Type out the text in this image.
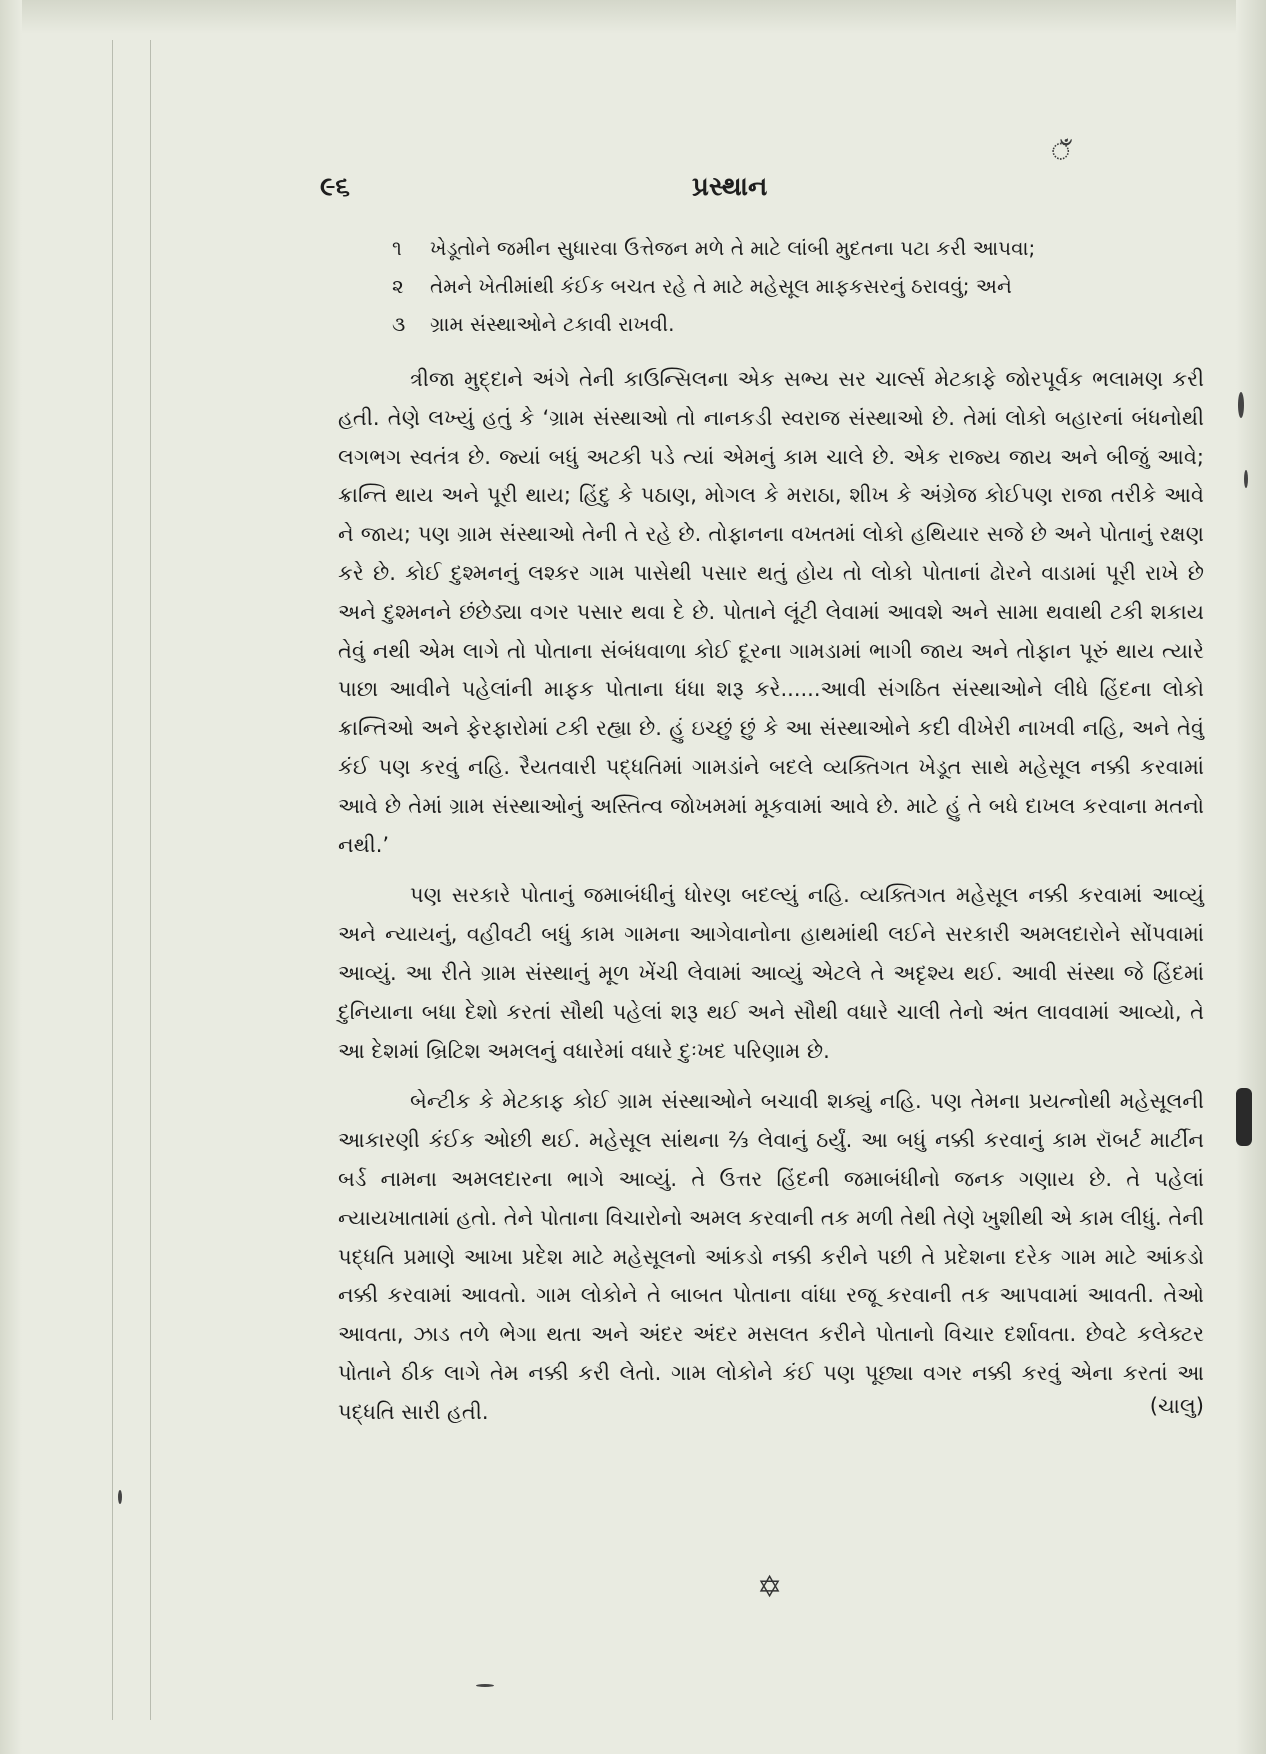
ઁ
૯૬	પ્રસ્થાન
૧	ખેડૂતોને જમીન સુધારવા ઉત્તેજન મળે તે માટે લાંબી મુદતના પટા કરી આપવા;
૨	તેમને ખેતીમાંથી કંઈક બચત રહે તે માટે મહેસૂલ માફકસરનું ઠરાવવું; અને
૩	ગ્રામ સંસ્થાઓને ટકાવી રાખવી.

ત્રીજા મુદ્દાને અંગે તેની કાઉન્સિલના એક સભ્ય સર ચાર્લ્સ મેટકાફે જોરપૂર્વક ભલામણ કરી હતી. તેણે લખ્યું હતું કે ‘ગ્રામ સંસ્થાઓ તો નાનકડી સ્વરાજ સંસ્થાઓ છે. તેમાં લોકો બહારનાં બંધનોથી લગભગ સ્વતંત્ર છે. જ્યાં બધું અટકી પડે ત્યાં એમનું કામ ચાલે છે. એક રાજ્ય જાય અને બીજું આવે; ક્રાન્તિ થાય અને પૂરી થાય; હિંદુ કે પઠાણ, મોગલ કે મરાઠા, શીખ કે અંગ્રેજ કોઈપણ રાજા તરીકે આવે ને જાય; પણ ગ્રામ સંસ્થાઓ તેની તે રહે છે. તોફાનના વખતમાં લોકો હથિયાર સજે છે અને પોતાનું રક્ષણ કરે છે. કોઈ દુશ્મનનું લશ્કર ગામ પાસેથી પસાર થતું હોય તો લોકો પોતાનાં ઢોરને વાડામાં પૂરી રાખે છે અને દુશ્મનને છંછેડ્યા વગર પસાર થવા દે છે. પોતાને લૂંટી લેવામાં આવશે અને સામા થવાથી ટકી શકાય તેવું નથી એમ લાગે તો પોતાના સંબંધવાળા કોઈ દૂરના ગામડામાં ભાગી જાય અને તોફાન પૂરું થાય ત્યારે પાછા આવીને પહેલાંની માફક પોતાના ધંધા શરૂ કરે......આવી સંગઠિત સંસ્થાઓને લીધે હિંદના લોકો ક્રાન્તિઓ અને ફેરફારોમાં ટકી રહ્યા છે. હું ઇચ્છું છું કે આ સંસ્થાઓને કદી વીખેરી નાખવી નહિ, અને તેવું કંઈ પણ કરવું નહિ. રૈયતવારી પદ્ધતિમાં ગામડાંને બદલે વ્યક્તિગત ખેડૂત સાથે મહેસૂલ નક્કી કરવામાં આવે છે તેમાં ગ્રામ સંસ્થાઓનું અસ્તિત્વ જોખમમાં મૂકવામાં આવે છે. માટે હું તે બધે દાખલ કરવાના મતનો નથી.’

પણ સરકારે પોતાનું જમાબંધીનું ધોરણ બદલ્યું નહિ. વ્યક્તિગત મહેસૂલ નક્કી કરવામાં આવ્યું અને ન્યાયનું, વહીવટી બધું કામ ગામના આગેવાનોના હાથમાંથી લઈને સરકારી અમલદારોને સોંપવામાં આવ્યું. આ રીતે ગ્રામ સંસ્થાનું મૂળ ખેંચી લેવામાં આવ્યું એટલે તે અદૃશ્ય થઈ. આવી સંસ્થા જે હિંદમાં દુનિયાના બધા દેશો કરતાં સૌથી પહેલાં શરૂ થઈ અને સૌથી વધારે ચાલી તેનો અંત લાવવામાં આવ્યો, તે આ દેશમાં બ્રિટિશ અમલનું વધારેમાં વધારે દુઃખદ પરિણામ છે.

બેન્ટીક કે મેટકાફ કોઈ ગ્રામ સંસ્થાઓને બચાવી શક્યું નહિ. પણ તેમના પ્રયત્નોથી મહેસૂલની આકારણી કંઈક ઓછી થઈ. મહેસૂલ સાંથના ⅔ લેવાનું ઠર્યું. આ બધું નક્કી કરવાનું કામ રૉબર્ટ માર્ટીન બર્ડ નામના અમલદારના ભાગે આવ્યું. તે ઉત્તર હિંદની જમાબંધીનો જનક ગણાય છે. તે પહેલાં ન્યાયખાતામાં હતો. તેને પોતાના વિચારોનો અમલ કરવાની તક મળી તેથી તેણે ખુશીથી એ કામ લીધું. તેની પદ્ધતિ પ્રમાણે આખા પ્રદેશ માટે મહેસૂલનો આંકડો નક્કી કરીને પછી તે પ્રદેશના દરેક ગામ માટે આંકડો નક્કી કરવામાં આવતો. ગામ લોકોને તે બાબત પોતાના વાંધા રજૂ કરવાની તક આપવામાં આવતી. તેઓ આવતા, ઝાડ તળે ભેગા થતા અને અંદર અંદર મસલત કરીને પોતાનો વિચાર દર્શાવતા. છેવટે કલેક્ટર પોતાને ઠીક લાગે તેમ નક્કી કરી લેતો. ગામ લોકોને કંઈ પણ પૂછ્યા વગર નક્કી કરવું એના કરતાં આ પદ્ધતિ સારી હતી.	(ચાલુ)
✡
